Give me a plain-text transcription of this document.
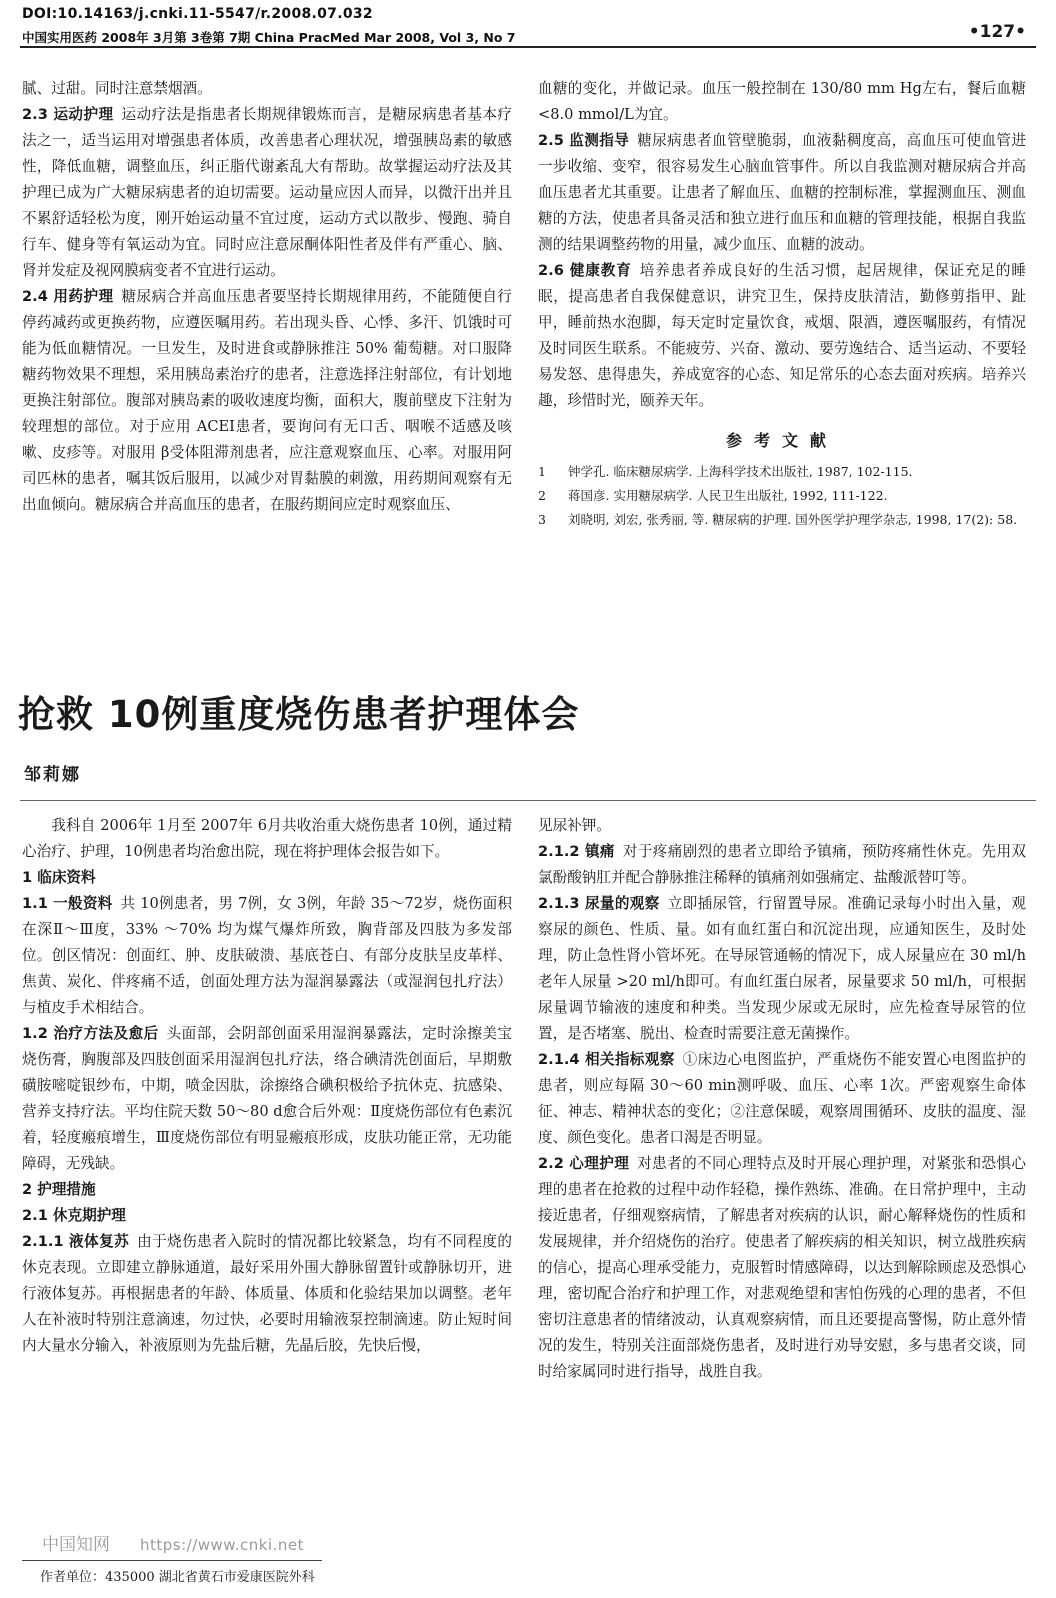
DOI:10.14163/j.cnki.11-5547/r.2008.07.032
中国实用医药 2008年 3月第 3卷第 7期 China PracMed Mar 2008, Vol 3, No 7	•127•

腻、过甜。同时注意禁烟酒。

2.3 运动护理 运动疗法是指患者长期规律锻炼而言，是糖尿病患者基本疗法之一，适当运用对增强患者体质，改善患者心理状况，增强胰岛素的敏感性，降低血糖，调整血压，纠正脂代谢紊乱大有帮助。故掌握运动疗法及其护理已成为广大糖尿病患者的迫切需要。运动量应因人而异，以微汗出并且不累舒适轻松为度，刚开始运动量不宜过度，运动方式以散步、慢跑、骑自行车、健身等有氧运动为宜。同时应注意尿酮体阳性者及伴有严重心、脑、肾并发症及视网膜病变者不宜进行运动。

2.4 用药护理 糖尿病合并高血压患者要坚持长期规律用药，不能随便自行停药减药或更换药物，应遵医嘱用药。若出现头昏、心悸、多汗、饥饿时可能为低血糖情况。一旦发生，及时进食或静脉推注 50% 葡萄糖。对口服降糖药物效果不理想，采用胰岛素治疗的患者，注意选择注射部位，有计划地更换注射部位。腹部对胰岛素的吸收速度均衡，面积大，腹前壁皮下注射为较理想的部位。对于应用 ACEI患者，要询问有无口舌、咽喉不适感及咳嗽、皮疹等。对服用 β受体阻滞剂患者，应注意观察血压、心率。对服用阿司匹林的患者，嘱其饭后服用，以减少对胃黏膜的刺激，用药期间观察有无出血倾向。糖尿病合并高血压的患者，在服药期间应定时观察血压、

血糖的变化，并做记录。血压一般控制在 130/80 mm Hg左右，餐后血糖 <8.0 mmol/L为宜。

2.5 监测指导 糖尿病患者血管壁脆弱，血液黏稠度高，高血压可使血管进一步收缩、变窄，很容易发生心脑血管事件。所以自我监测对糖尿病合并高血压患者尤其重要。让患者了解血压、血糖的控制标准，掌握测血压、测血糖的方法，使患者具备灵活和独立进行血压和血糖的管理技能，根据自我监测的结果调整药物的用量，减少血压、血糖的波动。

2.6 健康教育 培养患者养成良好的生活习惯，起居规律，保证充足的睡眠，提高患者自我保健意识，讲究卫生，保持皮肤清洁，勤修剪指甲、趾甲，睡前热水泡脚，每天定时定量饮食，戒烟、限酒，遵医嘱服药，有情况及时同医生联系。不能疲劳、兴奋、激动、要劳逸结合、适当运动、不要轻易发怒、患得患失，养成宽容的心态、知足常乐的心态去面对疾病。培养兴趣，珍惜时光，颐养天年。

参考文献
1 钟学孔. 临床糖尿病学. 上海科学技术出版社, 1987, 102-115.
2 蒋国彦. 实用糖尿病学. 人民卫生出版社, 1992, 111-122.
3 刘晓明, 刘宏, 张秀丽, 等. 糖尿病的护理. 国外医学护理学杂志, 1998, 17(2): 58.
抢救 10例重度烧伤患者护理体会

邹莉娜

我科自 2006年 1月至 2007年 6月共收治重大烧伤患者 10例，通过精心治疗、护理，10例患者均治愈出院，现在将护理体会报告如下。

1 临床资料

1.1 一般资料 共 10例患者，男 7例，女 3例，年龄 35～72岁，烧伤面积在深Ⅱ～Ⅲ度，33% ～70% 均为煤气爆炸所致，胸背部及四肢为多发部位。创区情况：创面红、肿、皮肤破溃、基底苍白、有部分皮肤呈皮革样、焦黄、炭化、伴疼痛不适，创面处理方法为湿润暴露法（或湿润包扎疗法）与植皮手术相结合。

1.2 治疗方法及愈后 头面部，会阴部创面采用湿润暴露法，定时涂擦美宝烧伤膏，胸腹部及四肢创面采用湿润包扎疗法，络合碘清洗创面后，早期敷磺胺嘧啶银纱布，中期，喷金因肽，涂擦络合碘积极给予抗休克、抗感染、营养支持疗法。平均住院天数 50～80 d愈合后外观：Ⅱ度烧伤部位有色素沉着，轻度瘢痕增生，Ⅲ度烧伤部位有明显瘢痕形成，皮肤功能正常，无功能障碍，无残缺。

2 护理措施

2.1 休克期护理

2.1.1 液体复苏 由于烧伤患者入院时的情况都比较紧急，均有不同程度的休克表现。立即建立静脉通道，最好采用外围大静脉留置针或静脉切开，进行液体复苏。再根据患者的年龄、体质量、体质和化验结果加以调整。老年人在补液时特别注意滴速，勿过快，必要时用输液泵控制滴速。防止短时间内大量水分输入，补液原则为先盐后糖，先晶后胶，先快后慢，

见尿补钾。

2.1.2 镇痛 对于疼痛剧烈的患者立即给予镇痛，预防疼痛性休克。先用双氯酚酸钠肛并配合静脉推注稀释的镇痛剂如强痛定、盐酸派替叮等。

2.1.3 尿量的观察 立即插尿管，行留置导尿。准确记录每小时出入量，观察尿的颜色、性质、量。如有血红蛋白和沉淀出现，应通知医生，及时处理，防止急性肾小管坏死。在导尿管通畅的情况下，成人尿量应在 30 ml/h 老年人尿量 >20 ml/h即可。有血红蛋白尿者，尿量要求 50 ml/h，可根据尿量调节输液的速度和种类。当发现少尿或无尿时，应先检查导尿管的位置，是否堵塞、脱出、检查时需要注意无菌操作。

2.1.4 相关指标观察 ①床边心电图监护，严重烧伤不能安置心电图监护的患者，则应每隔 30～60 min测呼吸、血压、心率 1次。严密观察生命体征、神志、精神状态的变化；②注意保暖，观察周围循环、皮肤的温度、湿度、颜色变化。患者口渴是否明显。

2.2 心理护理 对患者的不同心理特点及时开展心理护理，对紧张和恐惧心理的患者在抢救的过程中动作轻稳，操作熟练、准确。在日常护理中，主动接近患者，仔细观察病情，了解患者对疾病的认识，耐心解释烧伤的性质和发展规律，并介绍烧伤的治疗。使患者了解疾病的相关知识，树立战胜疾病的信心，提高心理承受能力，克服暂时情感障碍，以达到解除顾虑及恐惧心理，密切配合治疗和护理工作，对悲观绝望和害怕伤残的心理的患者，不但密切注意患者的情绪波动，认真观察病情，而且还要提高警惕，防止意外情况的发生，特别关注面部烧伤患者，及时进行劝导安慰，多与患者交谈，同时给家属同时进行指导，战胜自我。

中国知网 https://www.cnki.net
作者单位：435000 湖北省黄石市爱康医院外科
